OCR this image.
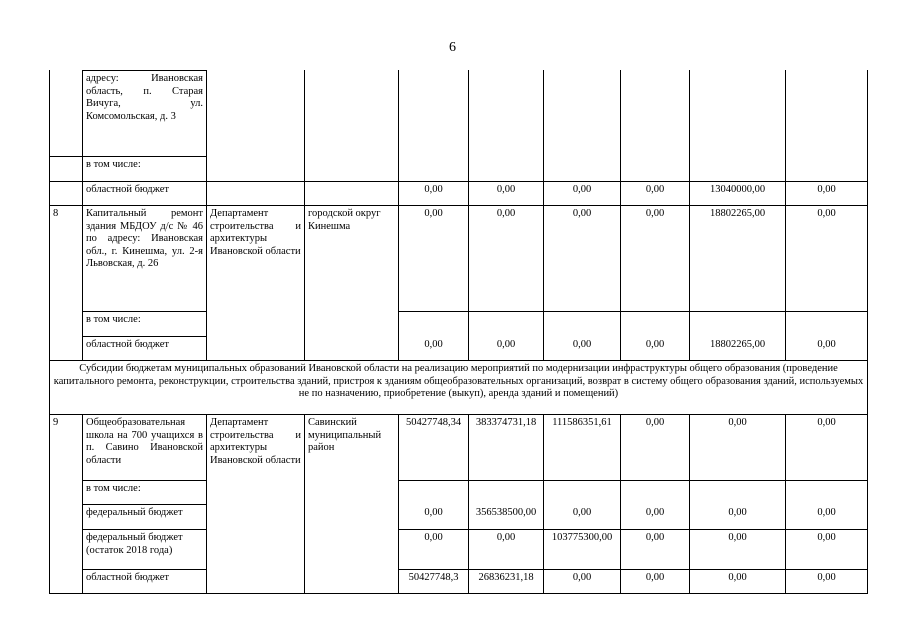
6
	адресу: Ивановская область, п. Старая Вичуга, ул. Комсомольская, д. 3								
	в том числе:								
	областной бюджет			0,00	0,00	0,00	0,00	13040000,00	0,00
8	Капитальный ремонт здания МБДОУ д/с № 46 по адресу: Ивановская обл., г. Кинешма, ул. 2-я Львовская, д. 26	Департамент строительства и архитектуры Ивановской области	городской округ Кинешма	0,00	0,00	0,00	0,00	18802265,00	0,00
	в том числе:								
	областной бюджет			0,00	0,00	0,00	0,00	18802265,00	0,00
Субсидии бюджетам муниципальных образований Ивановской области на реализацию мероприятий по модернизации инфраструктуры общего образования (проведение капитального ремонта, реконструкции, строительства зданий, пристроя к зданиям общеобразовательных организаций, возврат в систему общего образования зданий, используемых не по назначению, приобретение (выкуп), аренда зданий и помещений)									
9	Общеобразовательная школа на 700 учащихся в п. Савино Ивановской области	Департамент строительства и архитектуры Ивановской области	Савинский муниципальный район	50427748,34	383374731,18	111586351,61	0,00	0,00	0,00
	в том числе:								
	федеральный бюджет			0,00	356538500,00	0,00	0,00	0,00	0,00
	федеральный бюджет (остаток 2018 года)			0,00	0,00	103775300,00	0,00	0,00	0,00
	областной бюджет			50427748,3	26836231,18	0,00	0,00	0,00	0,00
